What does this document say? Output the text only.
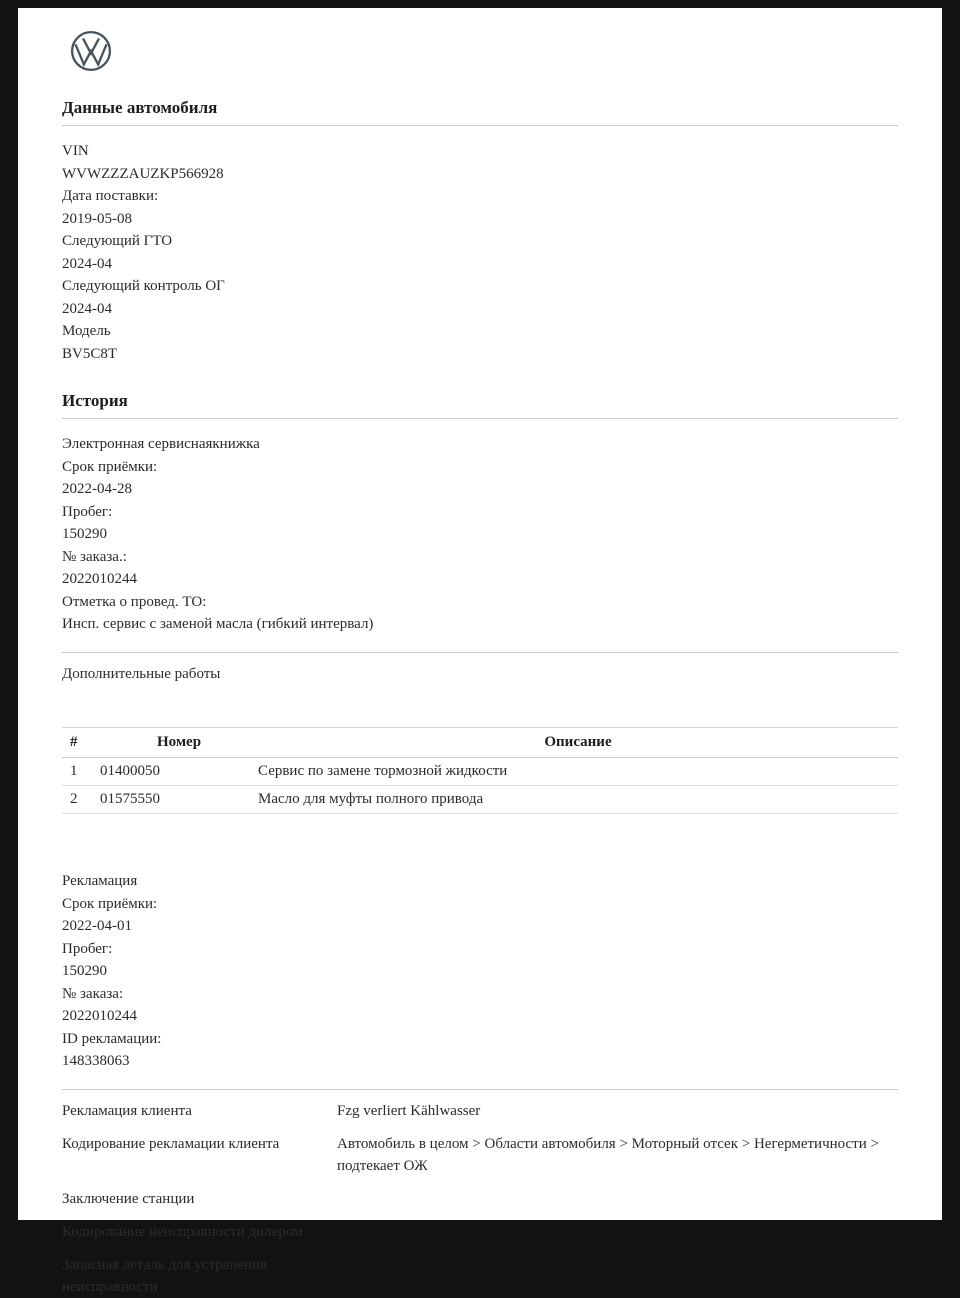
Данные автомобиля
VIN
WVWZZZAUZKP566928
Дата поставки:
2019-05-08
Следующий ГТО
2024-04
Следующий контроль ОГ
2024-04
Модель
BV5C8T
История
Электронная сервиснаякнижка
Срок приёмки:
2022-04-28
Пробег:
150290
№ заказа.:
2022010244
Отметка о провед. ТО:
Инсп. сервис с заменой масла (гибкий интервал)
Дополнительные работы
#	Номер	Описание
1	01400050	Сервис по замене тормозной жидкости
2	01575550	Масло для муфты полного привода
Рекламация
Срок приёмки:
2022-04-01
Пробег:
150290
№ заказа:
2022010244
ID рекламации:
148338063
Рекламация клиента	Fzg verliert Kählwasser
Кодирование рекламации клиента	Автомобиль в целом > Области автомобиля > Моторный отсек > Негерметичности > подтекает ОЖ
Заключение станции
Кодирование неисправности дилером
Запасная деталь для устранения неисправности
